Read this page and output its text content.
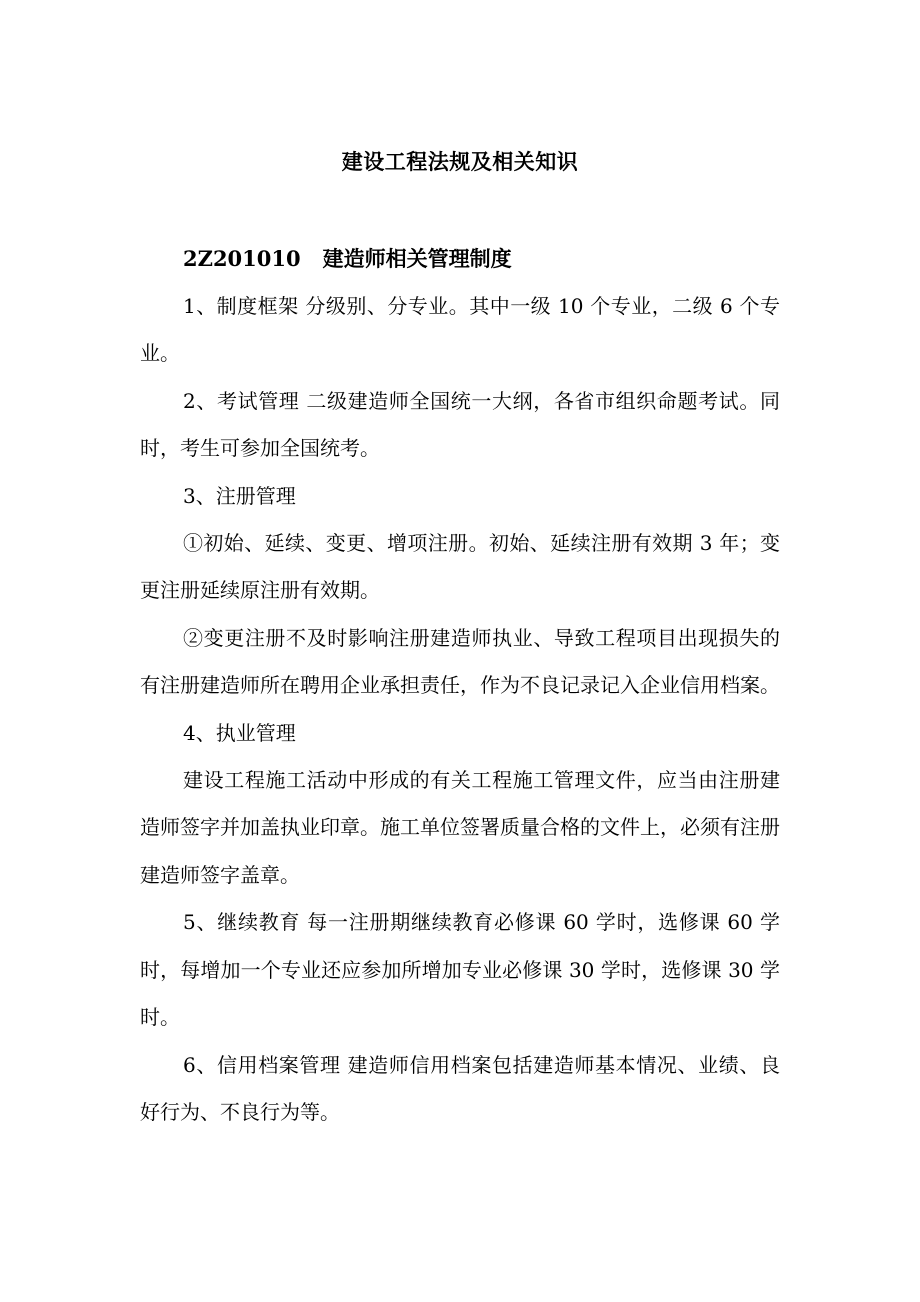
建设工程法规及相关知识
2Z201010 建造师相关管理制度

1、制度框架 分级别、分专业。其中一级 10 个专业，二级 6 个专业。

2、考试管理 二级建造师全国统一大纲，各省市组织命题考试。同时，考生可参加全国统考。

3、注册管理

①初始、延续、变更、增项注册。初始、延续注册有效期 3 年；变更注册延续原注册有效期。

②变更注册不及时影响注册建造师执业、导致工程项目出现损失的有注册建造师所在聘用企业承担责任，作为不良记录记入企业信用档案。

4、执业管理

建设工程施工活动中形成的有关工程施工管理文件，应当由注册建造师签字并加盖执业印章。施工单位签署质量合格的文件上，必须有注册建造师签字盖章。

5、继续教育 每一注册期继续教育必修课 60 学时，选修课 60 学时，每增加一个专业还应参加所增加专业必修课 30 学时，选修课 30 学时。

6、信用档案管理 建造师信用档案包括建造师基本情况、业绩、良好行为、不良行为等。
